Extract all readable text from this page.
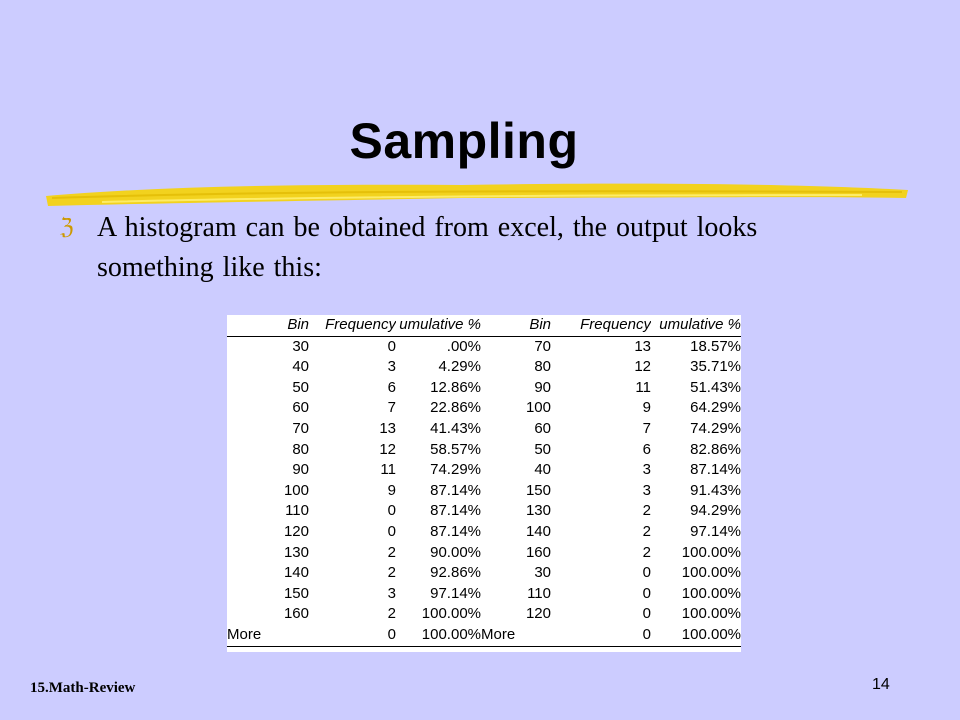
Sampling
ℨ A histogram can be obtained from excel, the output looks something like this:
Bin	Frequency	umulative %	Bin	Frequency	umulative %
30	0	.00%	70	13	18.57%
40	3	4.29%	80	12	35.71%
50	6	12.86%	90	11	51.43%
60	7	22.86%	100	9	64.29%
70	13	41.43%	60	7	74.29%
80	12	58.57%	50	6	82.86%
90	11	74.29%	40	3	87.14%
100	9	87.14%	150	3	91.43%
110	0	87.14%	130	2	94.29%
120	0	87.14%	140	2	97.14%
130	2	90.00%	160	2	100.00%
140	2	92.86%	30	0	100.00%
150	3	97.14%	110	0	100.00%
160	2	100.00%	120	0	100.00%
More	0	100.00%	More	0	100.00%
15.Math-Review	14
